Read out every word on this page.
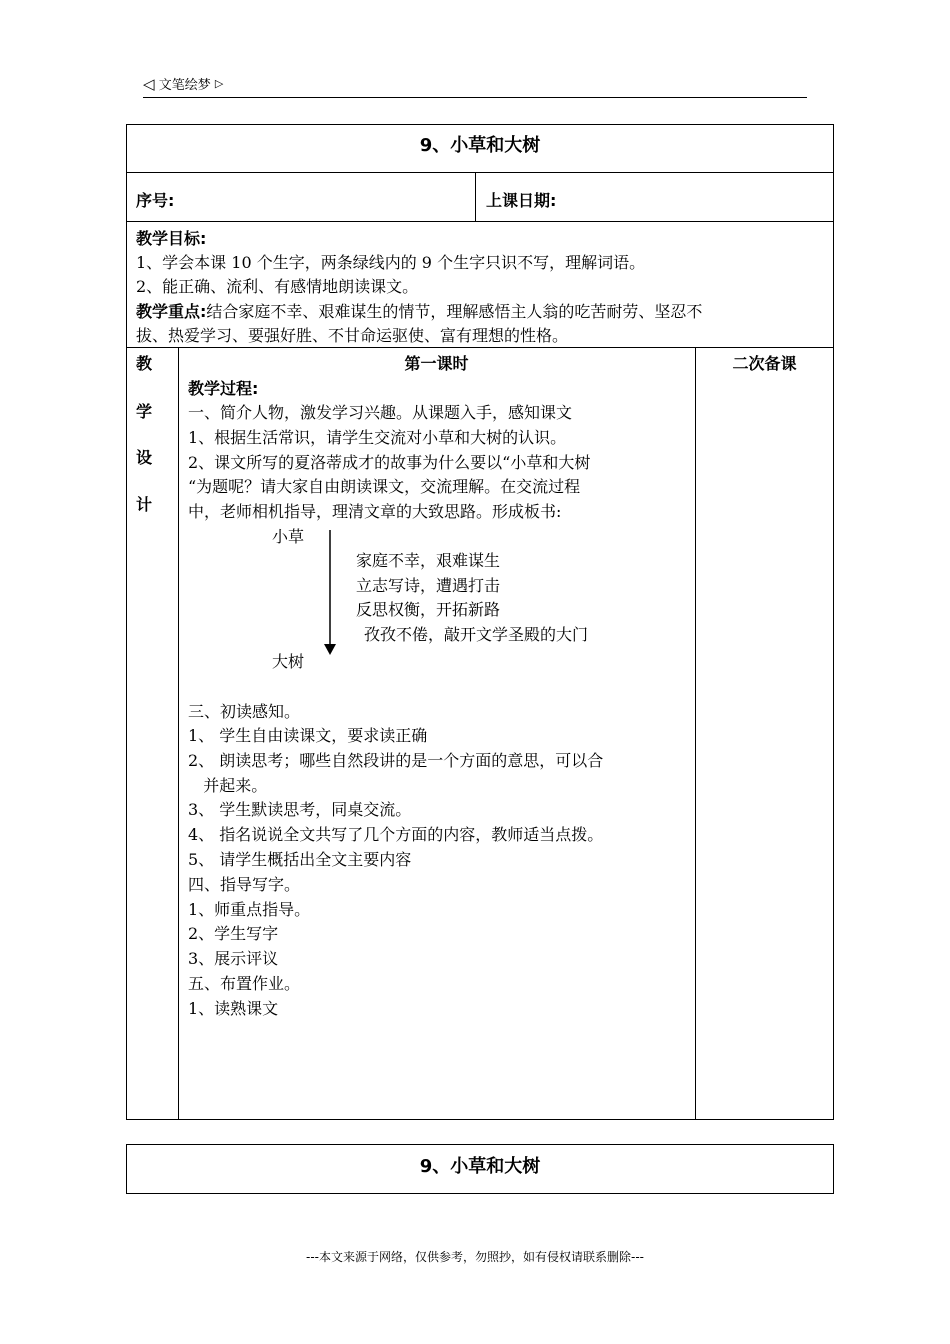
◁ 文笔绘梦 ▷
9、小草和大树
序号:	上课日期:
教学目标:
1、学会本课 10 个生字，两条绿线内的 9 个生字只识不写，理解词语。
2、能正确、流利、有感情地朗读课文。
教学重点:结合家庭不幸、艰难谋生的情节，理解感悟主人翁的吃苦耐劳、坚忍不
拔、热爱学习、要强好胜、不甘命运驱使、富有理想的性格。
教
学
设
计
第一课时	二次备课
教学过程:
一、简介人物，激发学习兴趣。从课题入手，感知课文
1、根据生活常识，请学生交流对小草和大树的认识。
2、课文所写的夏洛蒂成才的故事为什么要以“小草和大树
“为题呢？请大家自由朗读课文，交流理解。在交流过程
中，老师相机指导，理清文章的大致思路。形成板书:
小草
家庭不幸，艰难谋生
立志写诗，遭遇打击
反思权衡，开拓新路
孜孜不倦，敲开文学圣殿的大门
大树
三、初读感知。
1、 学生自由读课文，要求读正确
2、 朗读思考；哪些自然段讲的是一个方面的意思，可以合
并起来。
3、 学生默读思考，同桌交流。
4、 指名说说全文共写了几个方面的内容，教师适当点拨。
5、 请学生概括出全文主要内容
四、指导写字。
1、师重点指导。
2、学生写字
3、展示评议
五、布置作业。
1、读熟课文
9、小草和大树
---本文来源于网络，仅供参考，勿照抄，如有侵权请联系删除---
